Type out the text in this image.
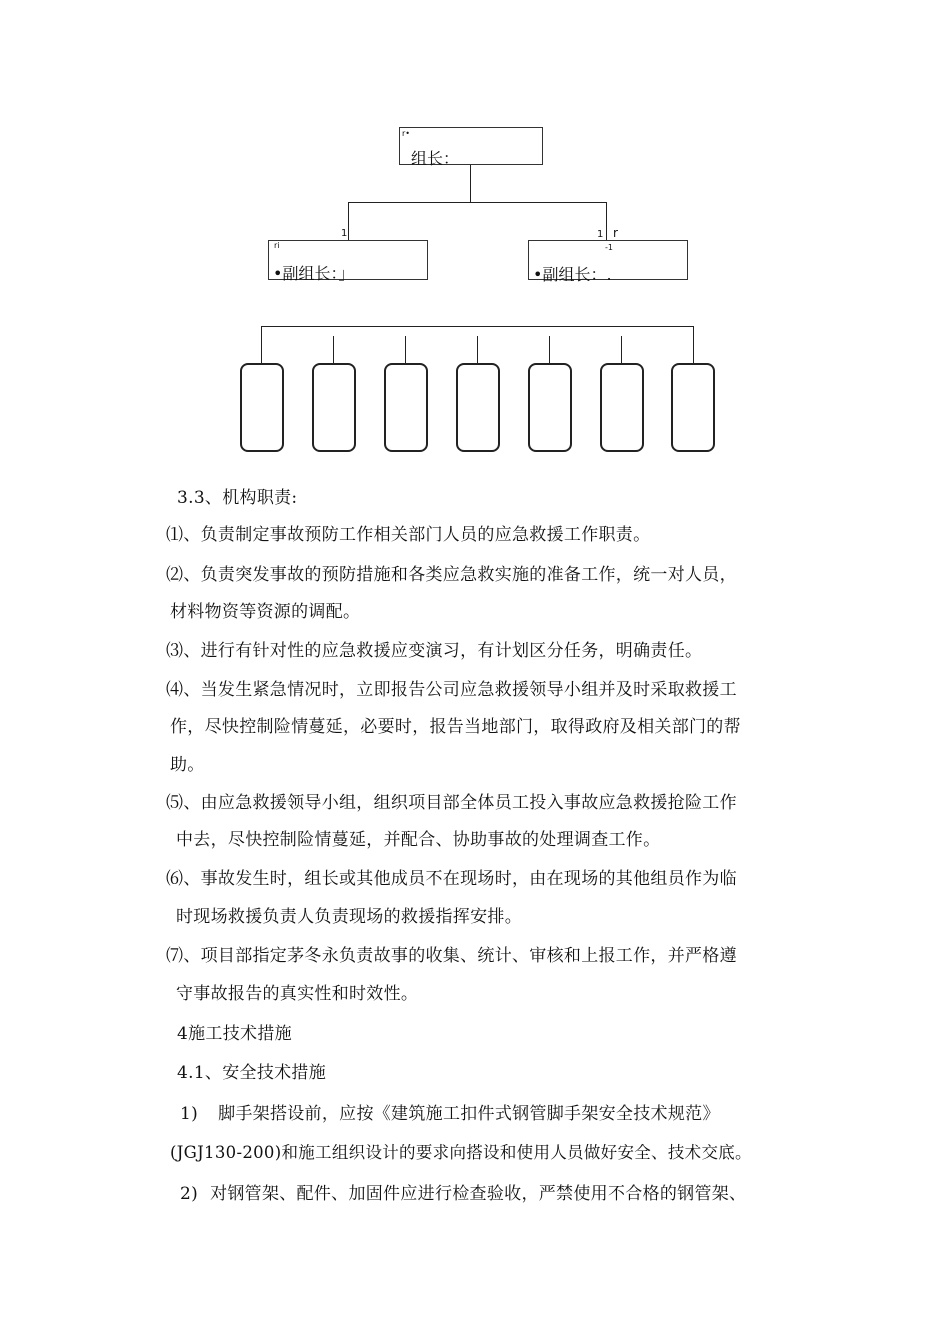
r•
组长：
1	1 r
ri
•副组长：」
-1
•副组长：.
3.3、机构职责:
⑴、负责制定事故预防工作相关部门人员的应急救援工作职责。
⑵、负责突发事故的预防措施和各类应急救实施的准备工作，统一对人员，
材料物资等资源的调配。
⑶、进行有针对性的应急救援应变演习，有计划区分任务，明确责任。
⑷、当发生紧急情况时，立即报告公司应急救援领导小组并及时采取救援工
作，尽快控制险情蔓延，必要时，报告当地部门，取得政府及相关部门的帮
助。
⑸、由应急救援领导小组，组织项目部全体员工投入事故应急救援抢险工作
中去，尽快控制险情蔓延，并配合、协助事故的处理调查工作。
⑹、事故发生时，组长或其他成员不在现场时，由在现场的其他组员作为临
时现场救援负责人负责现场的救援指挥安排。
⑺、项目部指定茅冬永负责故事的收集、统计、审核和上报工作，并严格遵
守事故报告的真实性和时效性。
4施工技术措施
4.1、安全技术措施
1) 脚手架搭设前，应按《建筑施工扣件式钢管脚手架安全技术规范》
(JGJ130-200)和施工组织设计的要求向搭设和使用人员做好安全、技术交底。
2) 对钢管架、配件、加固件应进行检查验收，严禁使用不合格的钢管架、
